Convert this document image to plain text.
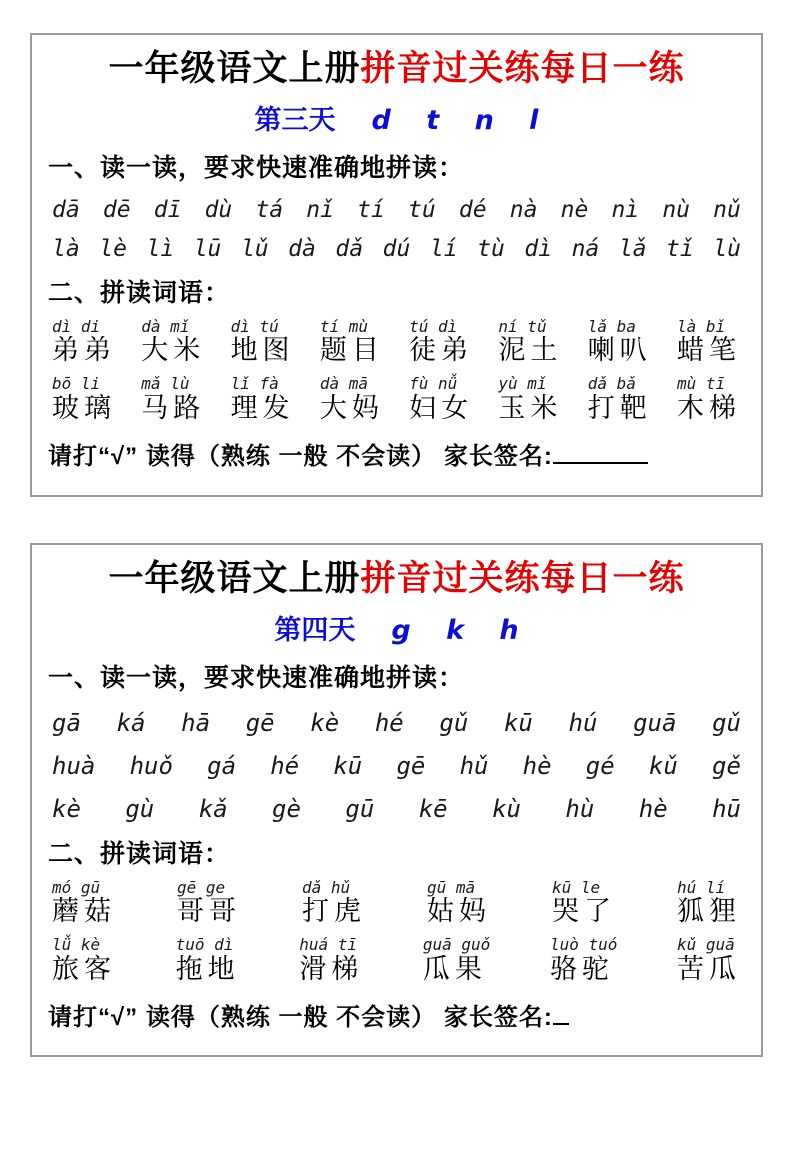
一年级语文上册拼音过关练每日一练
第三天 d t n l
一、读一读，要求快速准确地拼读：
dā dē dī dù tá nǐ tí tú dé nà nè nì nù nǔ
là lè lì lū lǔ dà dǎ dú lí tù dì ná lǎ tǐ lù
二、拼读词语：
dì di
弟弟
dà mǐ
大米
dì tú
地图
tí mù
题目
tú dì
徒弟
ní tǔ
泥土
lǎ ba
喇叭
là bǐ
蜡笔
bō li
玻璃
mǎ lù
马路
lǐ fà
理发
dà mā
大妈
fù nǚ
妇女
yù mǐ
玉米
dǎ bǎ
打靶
mù tī
木梯
请打“√” 读得（熟练 一般 不会读） 家长签名:
一年级语文上册拼音过关练每日一练
第四天 g k h
一、读一读，要求快速准确地拼读：
gā ká hā gē kè hé gǔ kū hú guā gǔ
huà huǒ gá hé kū gē hǔ hè gé kǔ gě
kè gù kǎ gè gū kē kù hù hè hū
二、拼读词语：
mó gū
蘑菇
gē ge
哥哥
dǎ hǔ
打虎
gū mā
姑妈
kū le
哭了
hú lí
狐狸
lǚ kè
旅客
tuō dì
拖地
huá tī
滑梯
guā guǒ
瓜果
luò tuó
骆驼
kǔ guā
苦瓜
请打“√” 读得（熟练 一般 不会读） 家长签名:
